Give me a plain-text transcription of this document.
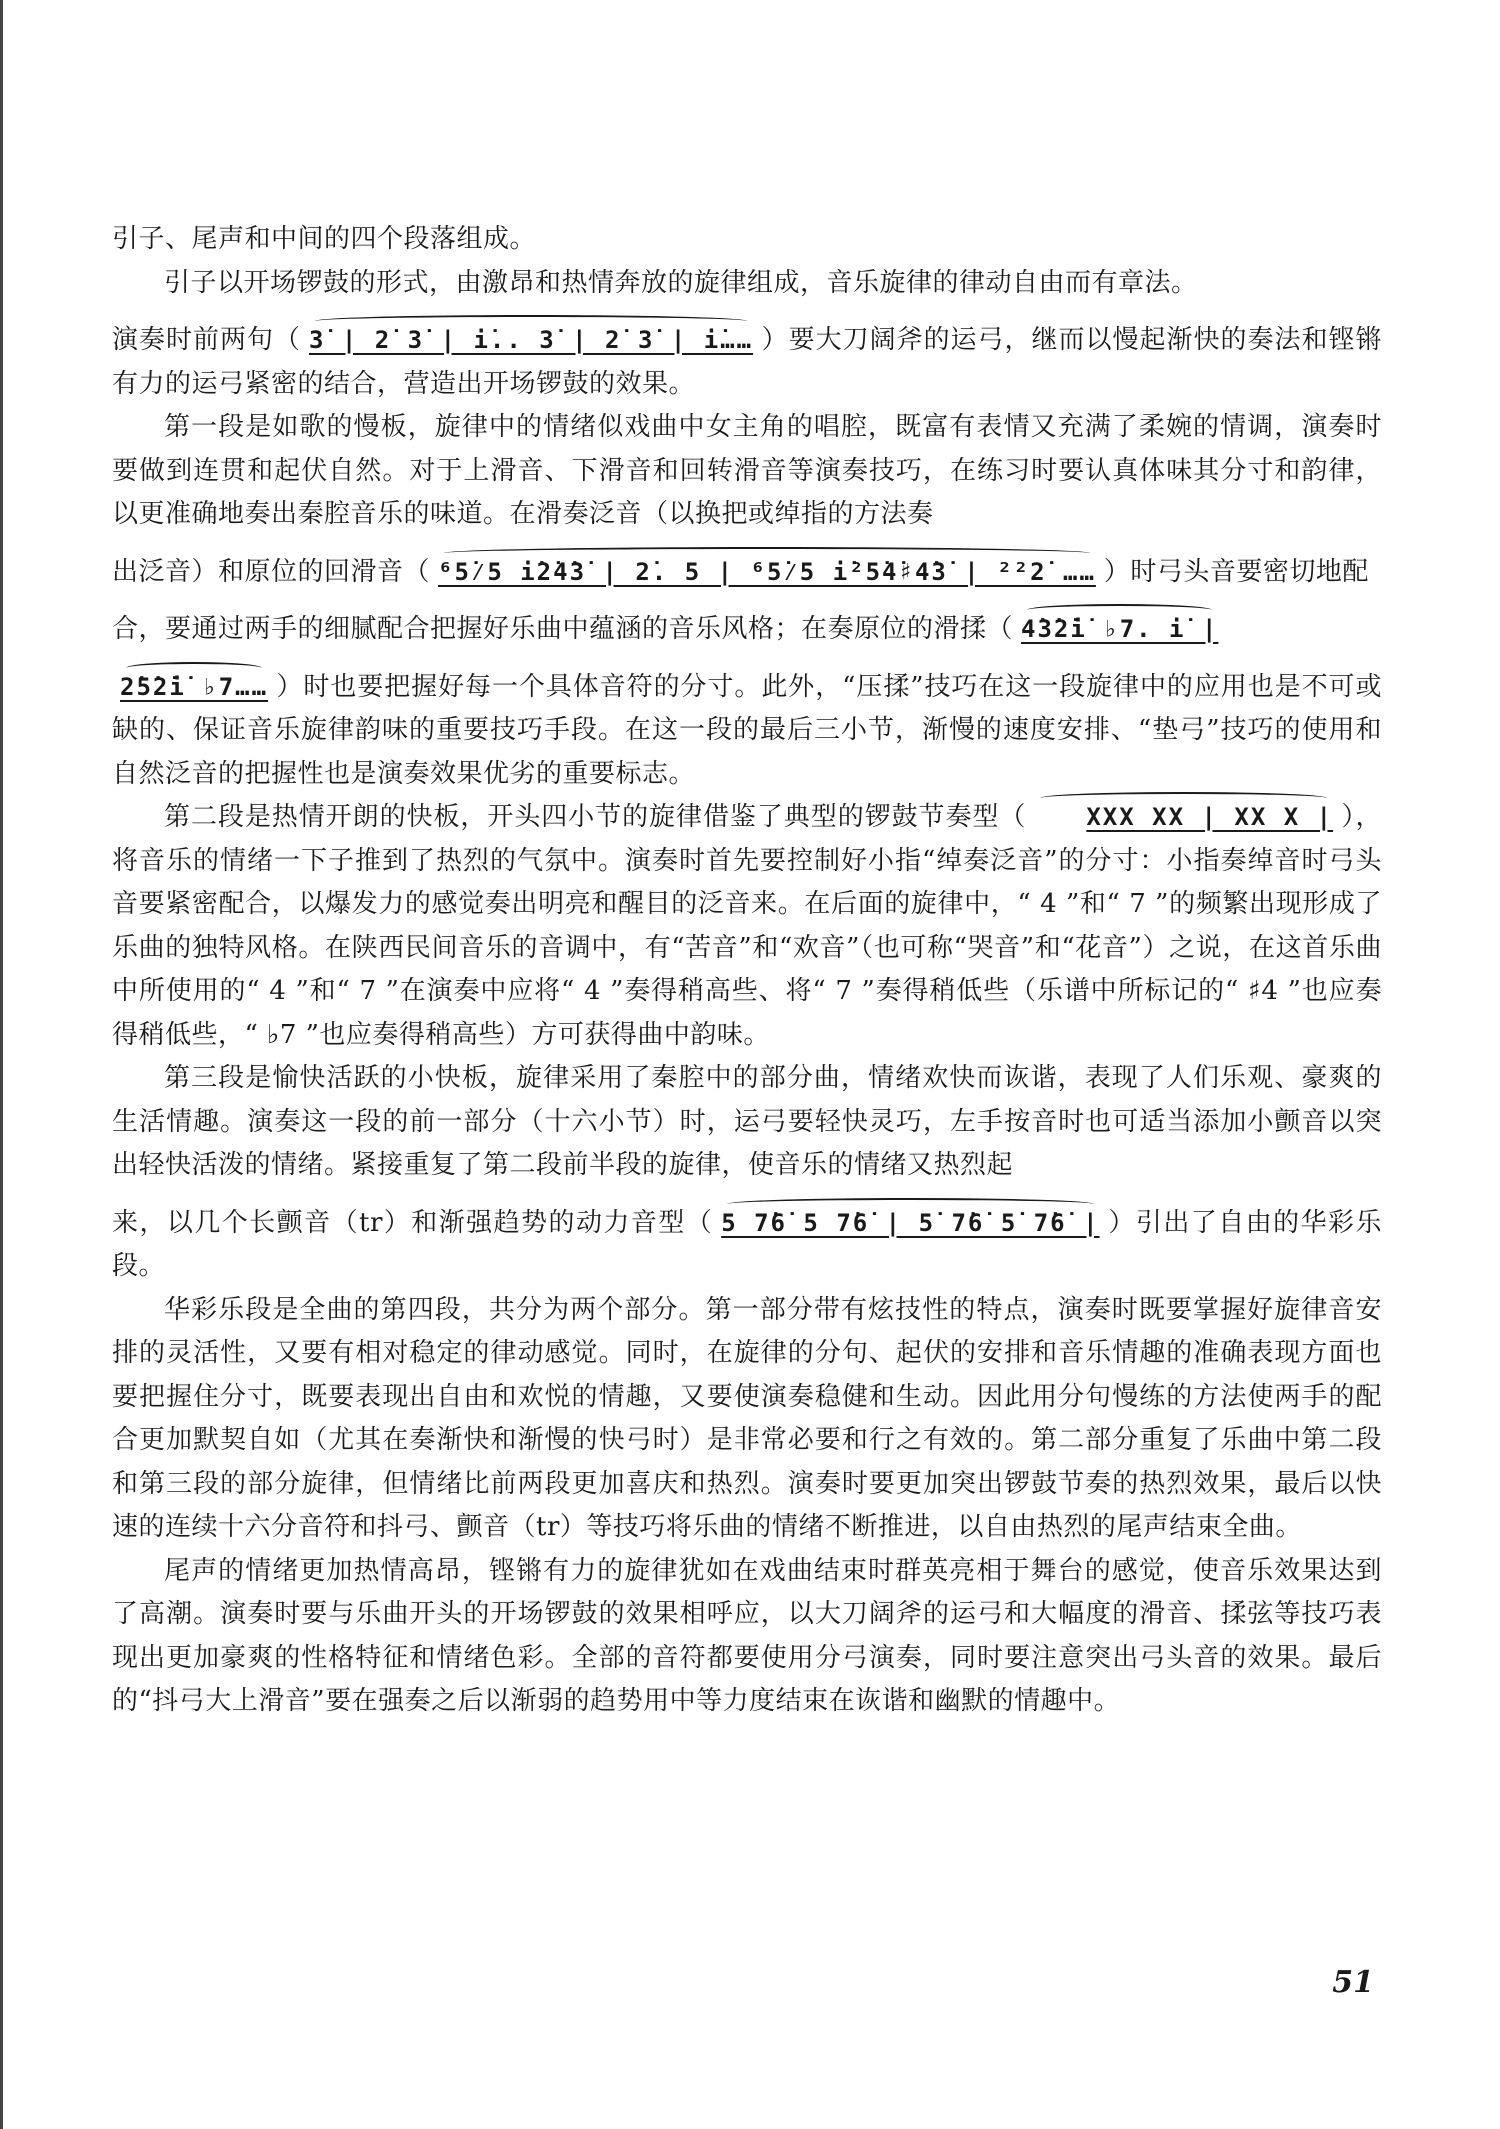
引子、尾声和中间的四个段落组成。

引子以开场锣鼓的形式，由激昂和热情奔放的旋律组成，音乐旋律的律动自由而有章法。

演奏时前两句（ 3̇ | 2̇ 3̇ | i̇.. 3̇ | 2̇ 3̇ | i̇…… ）要大刀阔斧的运弓，继而以慢起渐快的奏法和铿锵有力的运弓紧密的结合，营造出开场锣鼓的效果。

第一段是如歌的慢板，旋律中的情绪似戏曲中女主角的唱腔，既富有表情又充满了柔婉的情调，演奏时要做到连贯和起伏自然。对于上滑音、下滑音和回转滑音等演奏技巧，在练习时要认真体味其分寸和韵律，以更准确地奏出秦腔音乐的味道。在滑奏泛音（以换把或绰指的方法奏

出泛音）和原位的回滑音（ ⁶5̇⁄5 i̇2̇4̇3̇ | 2̇. 5 | ⁶5̇⁄5 i̇²5̇4̇♯4̇3̇ | ²²2̇ …… ）时弓头音要密切地配

合，要通过两手的细腻配合把握好乐曲中蕴涵的音乐风格；在奏原位的滑揉（ 4̇3̇2̇i̇ ♭7. i̇ |

2̇5̇2̇i̇ ♭7…… ）时也要把握好每一个具体音符的分寸。此外，“压揉”技巧在这一段旋律中的应用也是不可或缺的、保证音乐旋律韵味的重要技巧手段。在这一段的最后三小节，渐慢的速度安排、“垫弓”技巧的使用和自然泛音的把握性也是演奏效果优劣的重要标志。

第二段是热情开朗的快板，开头四小节的旋律借鉴了典型的锣鼓节奏型（	XXX XX | XX X | ），将音乐的情绪一下子推到了热烈的气氛中。演奏时首先要控制好小指“绰奏泛音”的分寸：小指奏绰音时弓头音要紧密配合，以爆发力的感觉奏出明亮和醒目的泛音来。在后面的旋律中，“ 4 ”和“ 7 ”的频繁出现形成了乐曲的独特风格。在陕西民间音乐的音调中，有“苦音”和“欢音”（也可称“哭音”和“花音”）之说，在这首乐曲中所使用的“ 4 ”和“ 7 ”在演奏中应将“ 4 ”奏得稍高些、将“ 7 ”奏得稍低些（乐谱中所标记的“ ♯4 ”也应奏得稍低些，“ ♭7 ”也应奏得稍高些）方可获得曲中韵味。

第三段是愉快活跃的小快板，旋律采用了秦腔中的部分曲，情绪欢快而诙谐，表现了人们乐观、豪爽的生活情趣。演奏这一段的前一部分（十六小节）时，运弓要轻快灵巧，左手按音时也可适当添加小颤音以突出轻快活泼的情绪。紧接重复了第二段前半段的旋律，使音乐的情绪又热烈起

来，以几个长颤音（tr）和渐强趋势的动力音型（ 5 7̇6̇ 5 7̇6̇ | 5̇ 7̇6̇ 5̇ 7̇6̇ | ）引出了自由的华彩乐段。

华彩乐段是全曲的第四段，共分为两个部分。第一部分带有炫技性的特点，演奏时既要掌握好旋律音安排的灵活性，又要有相对稳定的律动感觉。同时，在旋律的分句、起伏的安排和音乐情趣的准确表现方面也要把握住分寸，既要表现出自由和欢悦的情趣，又要使演奏稳健和生动。因此用分句慢练的方法使两手的配合更加默契自如（尤其在奏渐快和渐慢的快弓时）是非常必要和行之有效的。第二部分重复了乐曲中第二段和第三段的部分旋律，但情绪比前两段更加喜庆和热烈。演奏时要更加突出锣鼓节奏的热烈效果，最后以快速的连续十六分音符和抖弓、颤音（tr）等技巧将乐曲的情绪不断推进，以自由热烈的尾声结束全曲。

尾声的情绪更加热情高昂，铿锵有力的旋律犹如在戏曲结束时群英亮相于舞台的感觉，使音乐效果达到了高潮。演奏时要与乐曲开头的开场锣鼓的效果相呼应，以大刀阔斧的运弓和大幅度的滑音、揉弦等技巧表现出更加豪爽的性格特征和情绪色彩。全部的音符都要使用分弓演奏，同时要注意突出弓头音的效果。最后的“抖弓大上滑音”要在强奏之后以渐弱的趋势用中等力度结束在诙谐和幽默的情趣中。

51
